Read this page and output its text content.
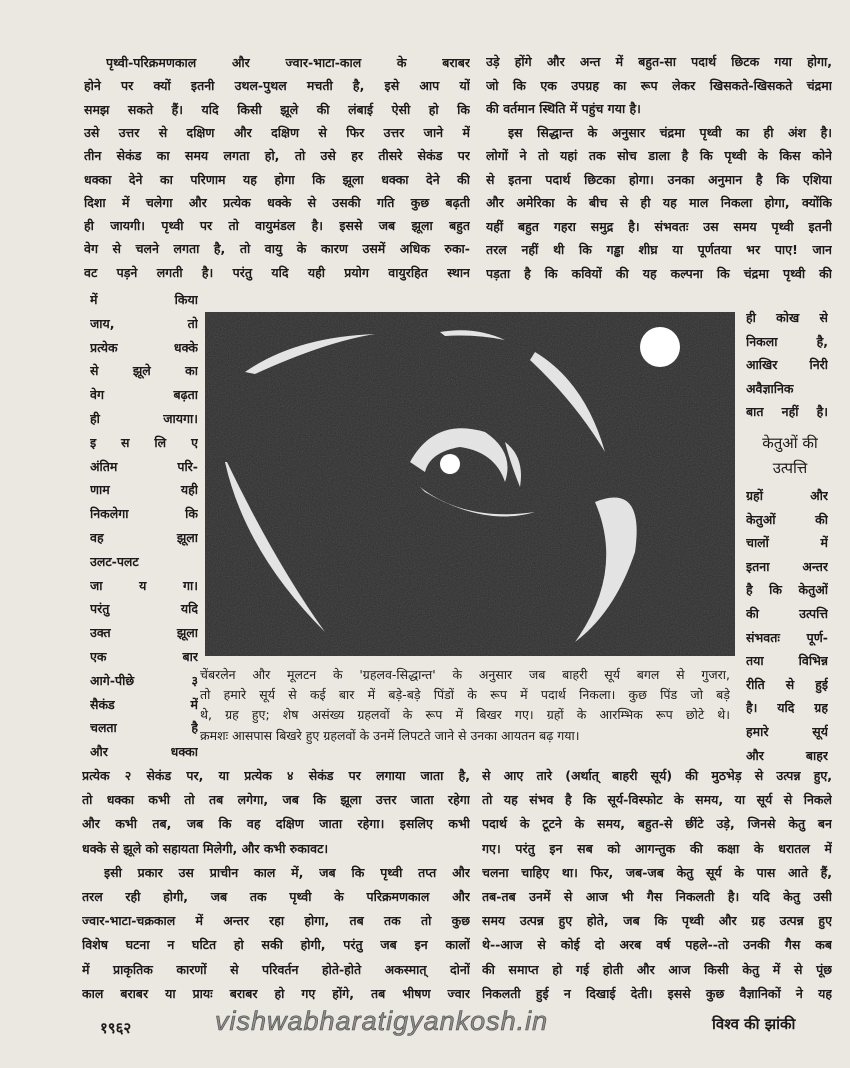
पृथ्वी-परिक्रमणकाल और ज्वार-भाटा-काल के बराबर
होने पर क्यों इतनी उथल-पुथल मचती है, इसे आप यों
समझ सकते हैं। यदि किसी झूले की लंबाई ऐसी हो कि
उसे उत्तर से दक्षिण और दक्षिण से फिर उत्तर जाने में
तीन सेकंड का समय लगता हो, तो उसे हर तीसरे सेकंड पर
धक्का देने का परिणाम यह होगा कि झूला धक्का देने की
दिशा में चलेगा और प्रत्येक धक्के से उसकी गति कुछ बढ़ती
ही जायगी। पृथ्वी पर तो वायुमंडल है। इससे जब झूला बहुत
वेग से चलने लगता है, तो वायु के कारण उसमें अधिक रुका-
वट पड़ने लगती है। परंतु यदि यही प्रयोग वायुरहित स्थान
उड़े होंगे और अन्त में बहुत-सा पदार्थ छिटक गया होगा,
जो कि एक उपग्रह का रूप लेकर खिसकते-खिसकते चंद्रमा
की वर्तमान स्थिति में पहुंच गया है।
इस सिद्धान्त के अनुसार चंद्रमा पृथ्वी का ही अंश है।
लोगों ने तो यहां तक सोच डाला है कि पृथ्वी के किस कोने
से इतना पदार्थ छिटका होगा। उनका अनुमान है कि एशिया
और अमेरिका के बीच से ही यह माल निकला होगा, क्योंकि
यहीं बहुत गहरा समुद्र है। संभवतः उस समय पृथ्वी इतनी
तरल नहीं थी कि गड्ढा शीघ्र या पूर्णतया भर पाए! जान
पड़ता है कि कवियों की यह कल्पना कि चंद्रमा पृथ्वी की
में किया
जाय, तो
प्रत्येक धक्के
से झूले का
वेग बढ़ता
ही जायगा।
इ स लि ए
अंतिम परि-
णाम यही
निकलेगा कि
वह झूला
उलट-पलट
जा य गा।
परंतु यदि
उक्त झूला
एक बार
आगे-पीछे ३
सैकंड में
चलता है
और धक्का
ही कोख से
निकला है,
आखिर निरी
अवैज्ञानिक
बात नहीं है।
ग्रहों और
केतुओं की
चालों में
इतना अन्तर
है कि केतुओं
की उत्पत्ति
संभवतः पूर्ण-
तया विभिन्न
रीति से हुई
है। यदि ग्रह
हमारे सूर्य
और बाहर
चेंबरलेन और मूलटन के 'ग्रहलव-सिद्धान्त' के अनुसार जब बाहरी सूर्य बगल से गुजरा,
तो हमारे सूर्य से कई बार में बड़े-बड़े पिंडों के रूप में पदार्थ निकला। कुछ पिंड जो बड़े
थे, ग्रह हुए; शेष असंख्य ग्रहलवों के रूप में बिखर गए। ग्रहों के आरम्भिक रूप छोटे थे।
क्रमशः आसपास बिखरे हुए ग्रहलवों के उनमें लिपटते जाने से उनका आयतन बढ़ गया।
प्रत्येक २ सेकंड पर, या प्रत्येक ४ सेकंड पर लगाया जाता है,
तो धक्का कभी तो तब लगेगा, जब कि झूला उत्तर जाता रहेगा
और कभी तब, जब कि वह दक्षिण जाता रहेगा। इसलिए कभी
धक्के से झूले को सहायता मिलेगी, और कभी रुकावट।
इसी प्रकार उस प्राचीन काल में, जब कि पृथ्वी तप्त और
तरल रही होगी, जब तक पृथ्वी के परिक्रमणकाल और
ज्वार-भाटा-चक्रकाल में अन्तर रहा होगा, तब तक तो कुछ
विशेष घटना न घटित हो सकी होगी, परंतु जब इन कालों
में प्राकृतिक कारणों से परिवर्तन होते-होते अकस्मात् दोनों
काल बराबर या प्रायः बराबर हो गए होंगे, तब भीषण ज्वार
से आए तारे (अर्थात् बाहरी सूर्य) की मुठभेड़ से उत्पन्न हुए,
तो यह संभव है कि सूर्य-विस्फोट के समय, या सूर्य से निकले
पदार्थ के टूटने के समय, बहुत-से छींटे उड़े, जिनसे केतु बन
गए। परंतु इन सब को आगन्तुक की कक्षा के धरातल में
चलना चाहिए था। फिर, जब-जब केतु सूर्य के पास आते हैं,
तब-तब उनमें से आज भी गैस निकलती है। यदि केतु उसी
समय उत्पन्न हुए होते, जब कि पृथ्वी और ग्रह उत्पन्न हुए
थे--आज से कोई दो अरब वर्ष पहले--तो उनकी गैस कब
की समाप्त हो गई होती और आज किसी केतु में से पूंछ
निकलती हुई न दिखाई देती। इससे कुछ वैज्ञानिकों ने यह
केतुओं की
उत्पत्ति
१९६२	विश्व की झांकी
vishwabharatigyankosh.in
